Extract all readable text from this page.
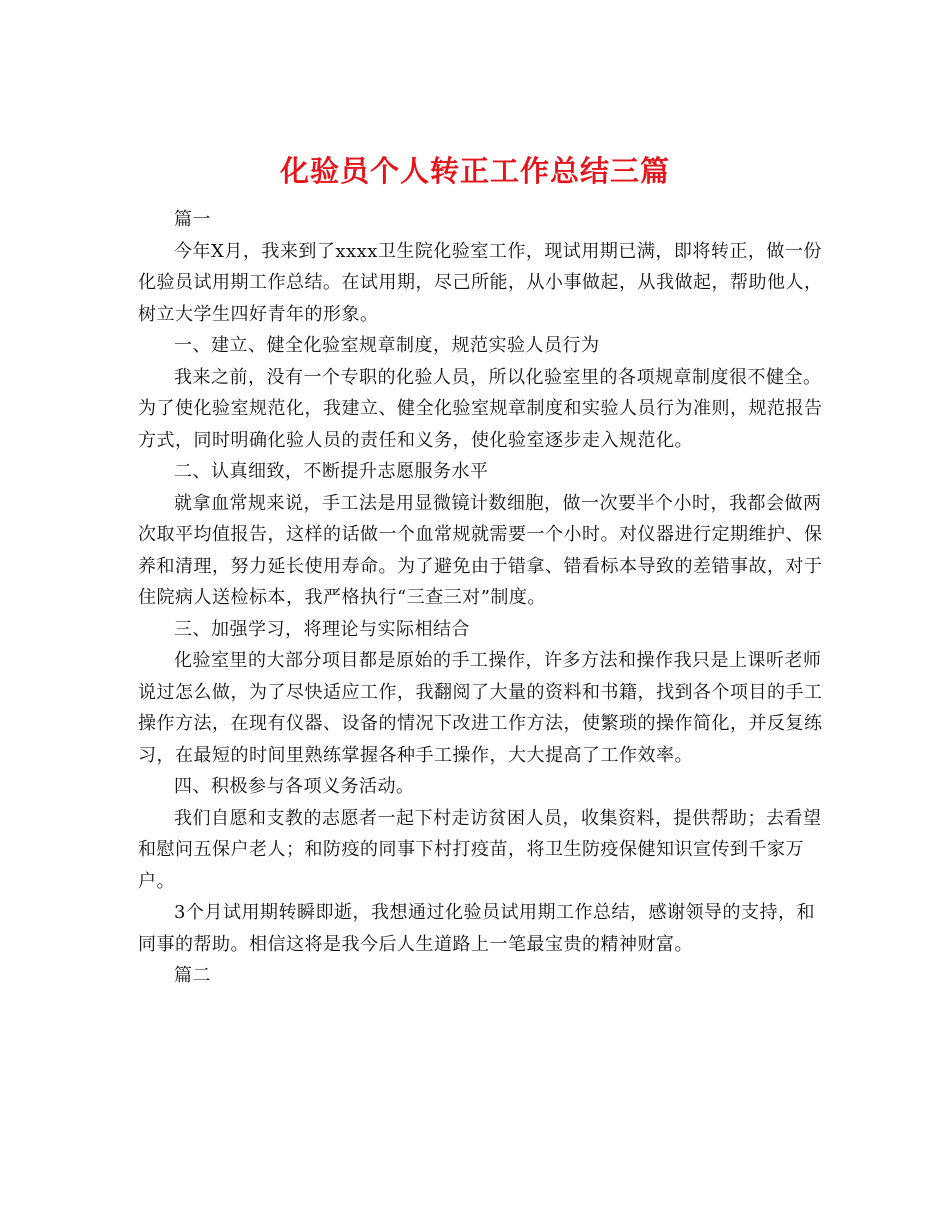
化验员个人转正工作总结三篇

篇一

今年X月，我来到了xxxx卫生院化验室工作，现试用期已满，即将转正，做一份化验员试用期工作总结。在试用期，尽己所能，从小事做起，从我做起，帮助他人，树立大学生四好青年的形象。

一、建立、健全化验室规章制度，规范实验人员行为

我来之前，没有一个专职的化验人员，所以化验室里的各项规章制度很不健全。为了使化验室规范化，我建立、健全化验室规章制度和实验人员行为准则，规范报告方式，同时明确化验人员的责任和义务，使化验室逐步走入规范化。

二、认真细致，不断提升志愿服务水平

就拿血常规来说，手工法是用显微镜计数细胞，做一次要半个小时，我都会做两次取平均值报告，这样的话做一个血常规就需要一个小时。对仪器进行定期维护、保养和清理，努力延长使用寿命。为了避免由于错拿、错看标本导致的差错事故，对于住院病人送检标本，我严格执行“三查三对”制度。

三、加强学习，将理论与实际相结合

化验室里的大部分项目都是原始的手工操作，许多方法和操作我只是上课听老师说过怎么做，为了尽快适应工作，我翻阅了大量的资料和书籍，找到各个项目的手工操作方法，在现有仪器、设备的情况下改进工作方法，使繁琐的操作简化，并反复练习，在最短的时间里熟练掌握各种手工操作，大大提高了工作效率。

四、积极参与各项义务活动。

我们自愿和支教的志愿者一起下村走访贫困人员，收集资料，提供帮助；去看望和慰问五保户老人；和防疫的同事下村打疫苗，将卫生防疫保健知识宣传到千家万户。

3个月试用期转瞬即逝，我想通过化验员试用期工作总结，感谢领导的支持，和同事的帮助。相信这将是我今后人生道路上一笔最宝贵的精神财富。

篇二
